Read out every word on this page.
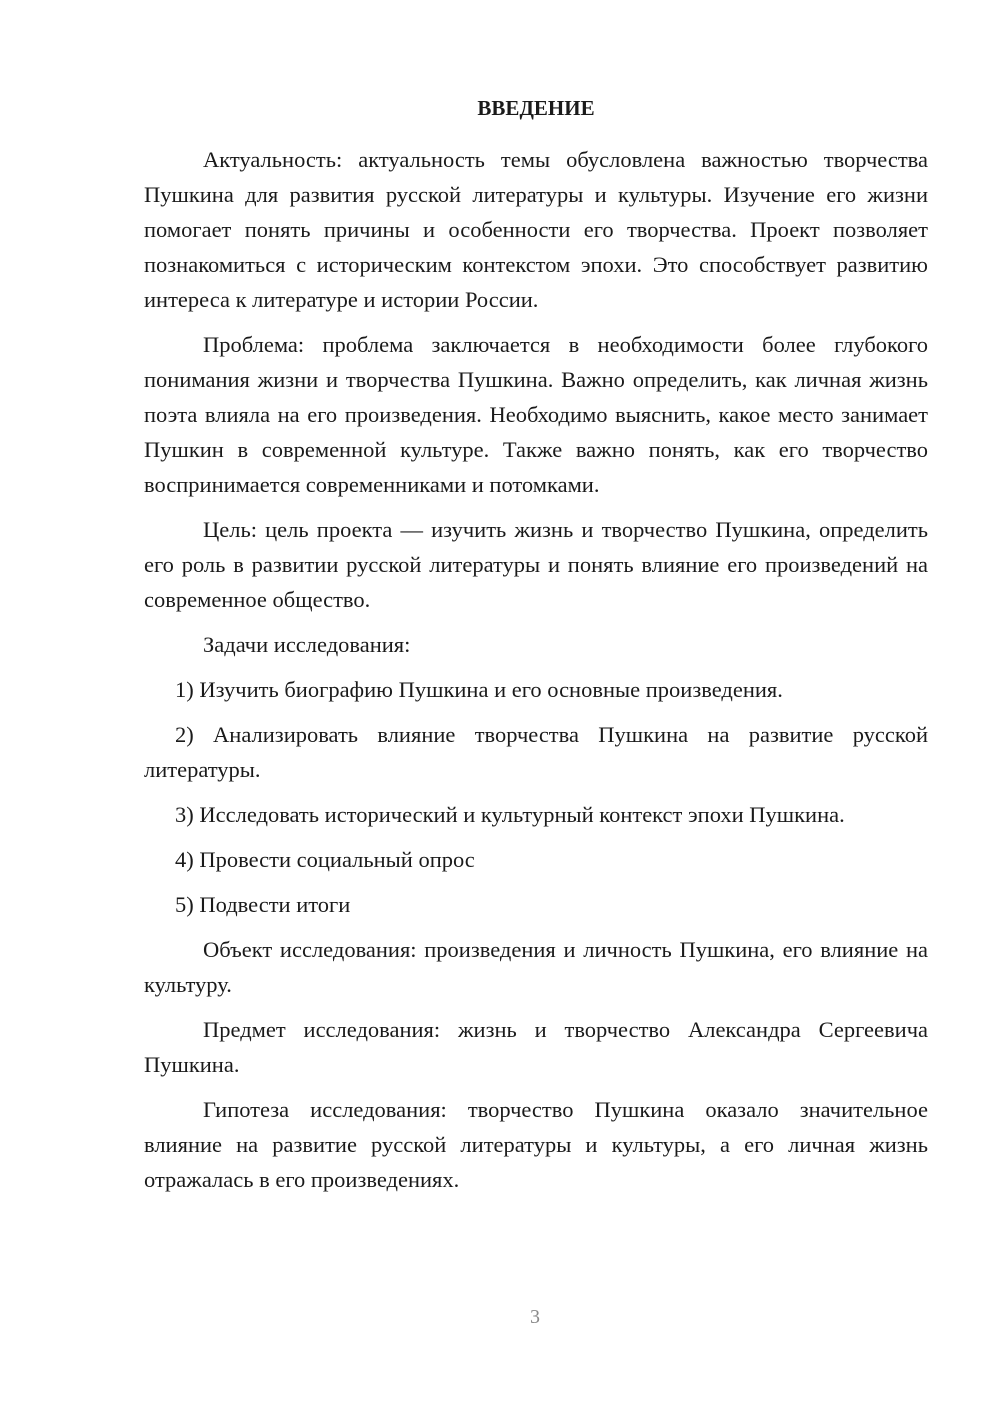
ВВЕДЕНИЕ

Актуальность: актуальность темы обусловлена важностью творчества Пушкина для развития русской литературы и культуры. Изучение его жизни помогает понять причины и особенности его творчества. Проект позволяет познакомиться с историческим контекстом эпохи. Это способствует развитию интереса к литературе и истории России.

Проблема: проблема заключается в необходимости более глубокого понимания жизни и творчества Пушкина. Важно определить, как личная жизнь поэта влияла на его произведения. Необходимо выяснить, какое место занимает Пушкин в современной культуре. Также важно понять, как его творчество воспринимается современниками и потомками.

Цель: цель проекта — изучить жизнь и творчество Пушкина, определить его роль в развитии русской литературы и понять влияние его произведений на современное общество.

Задачи исследования:

1) Изучить биографию Пушкина и его основные произведения.

2) Анализировать влияние творчества Пушкина на развитие русской литературы.

3) Исследовать исторический и культурный контекст эпохи Пушкина.

4) Провести социальный опрос

5) Подвести итоги

Объект исследования: произведения и личность Пушкина, его влияние на культуру.

Предмет исследования: жизнь и творчество Александра Сергеевича Пушкина.

Гипотеза исследования: творчество Пушкина оказало значительное влияние на развитие русской литературы и культуры, а его личная жизнь отражалась в его произведениях.

3
